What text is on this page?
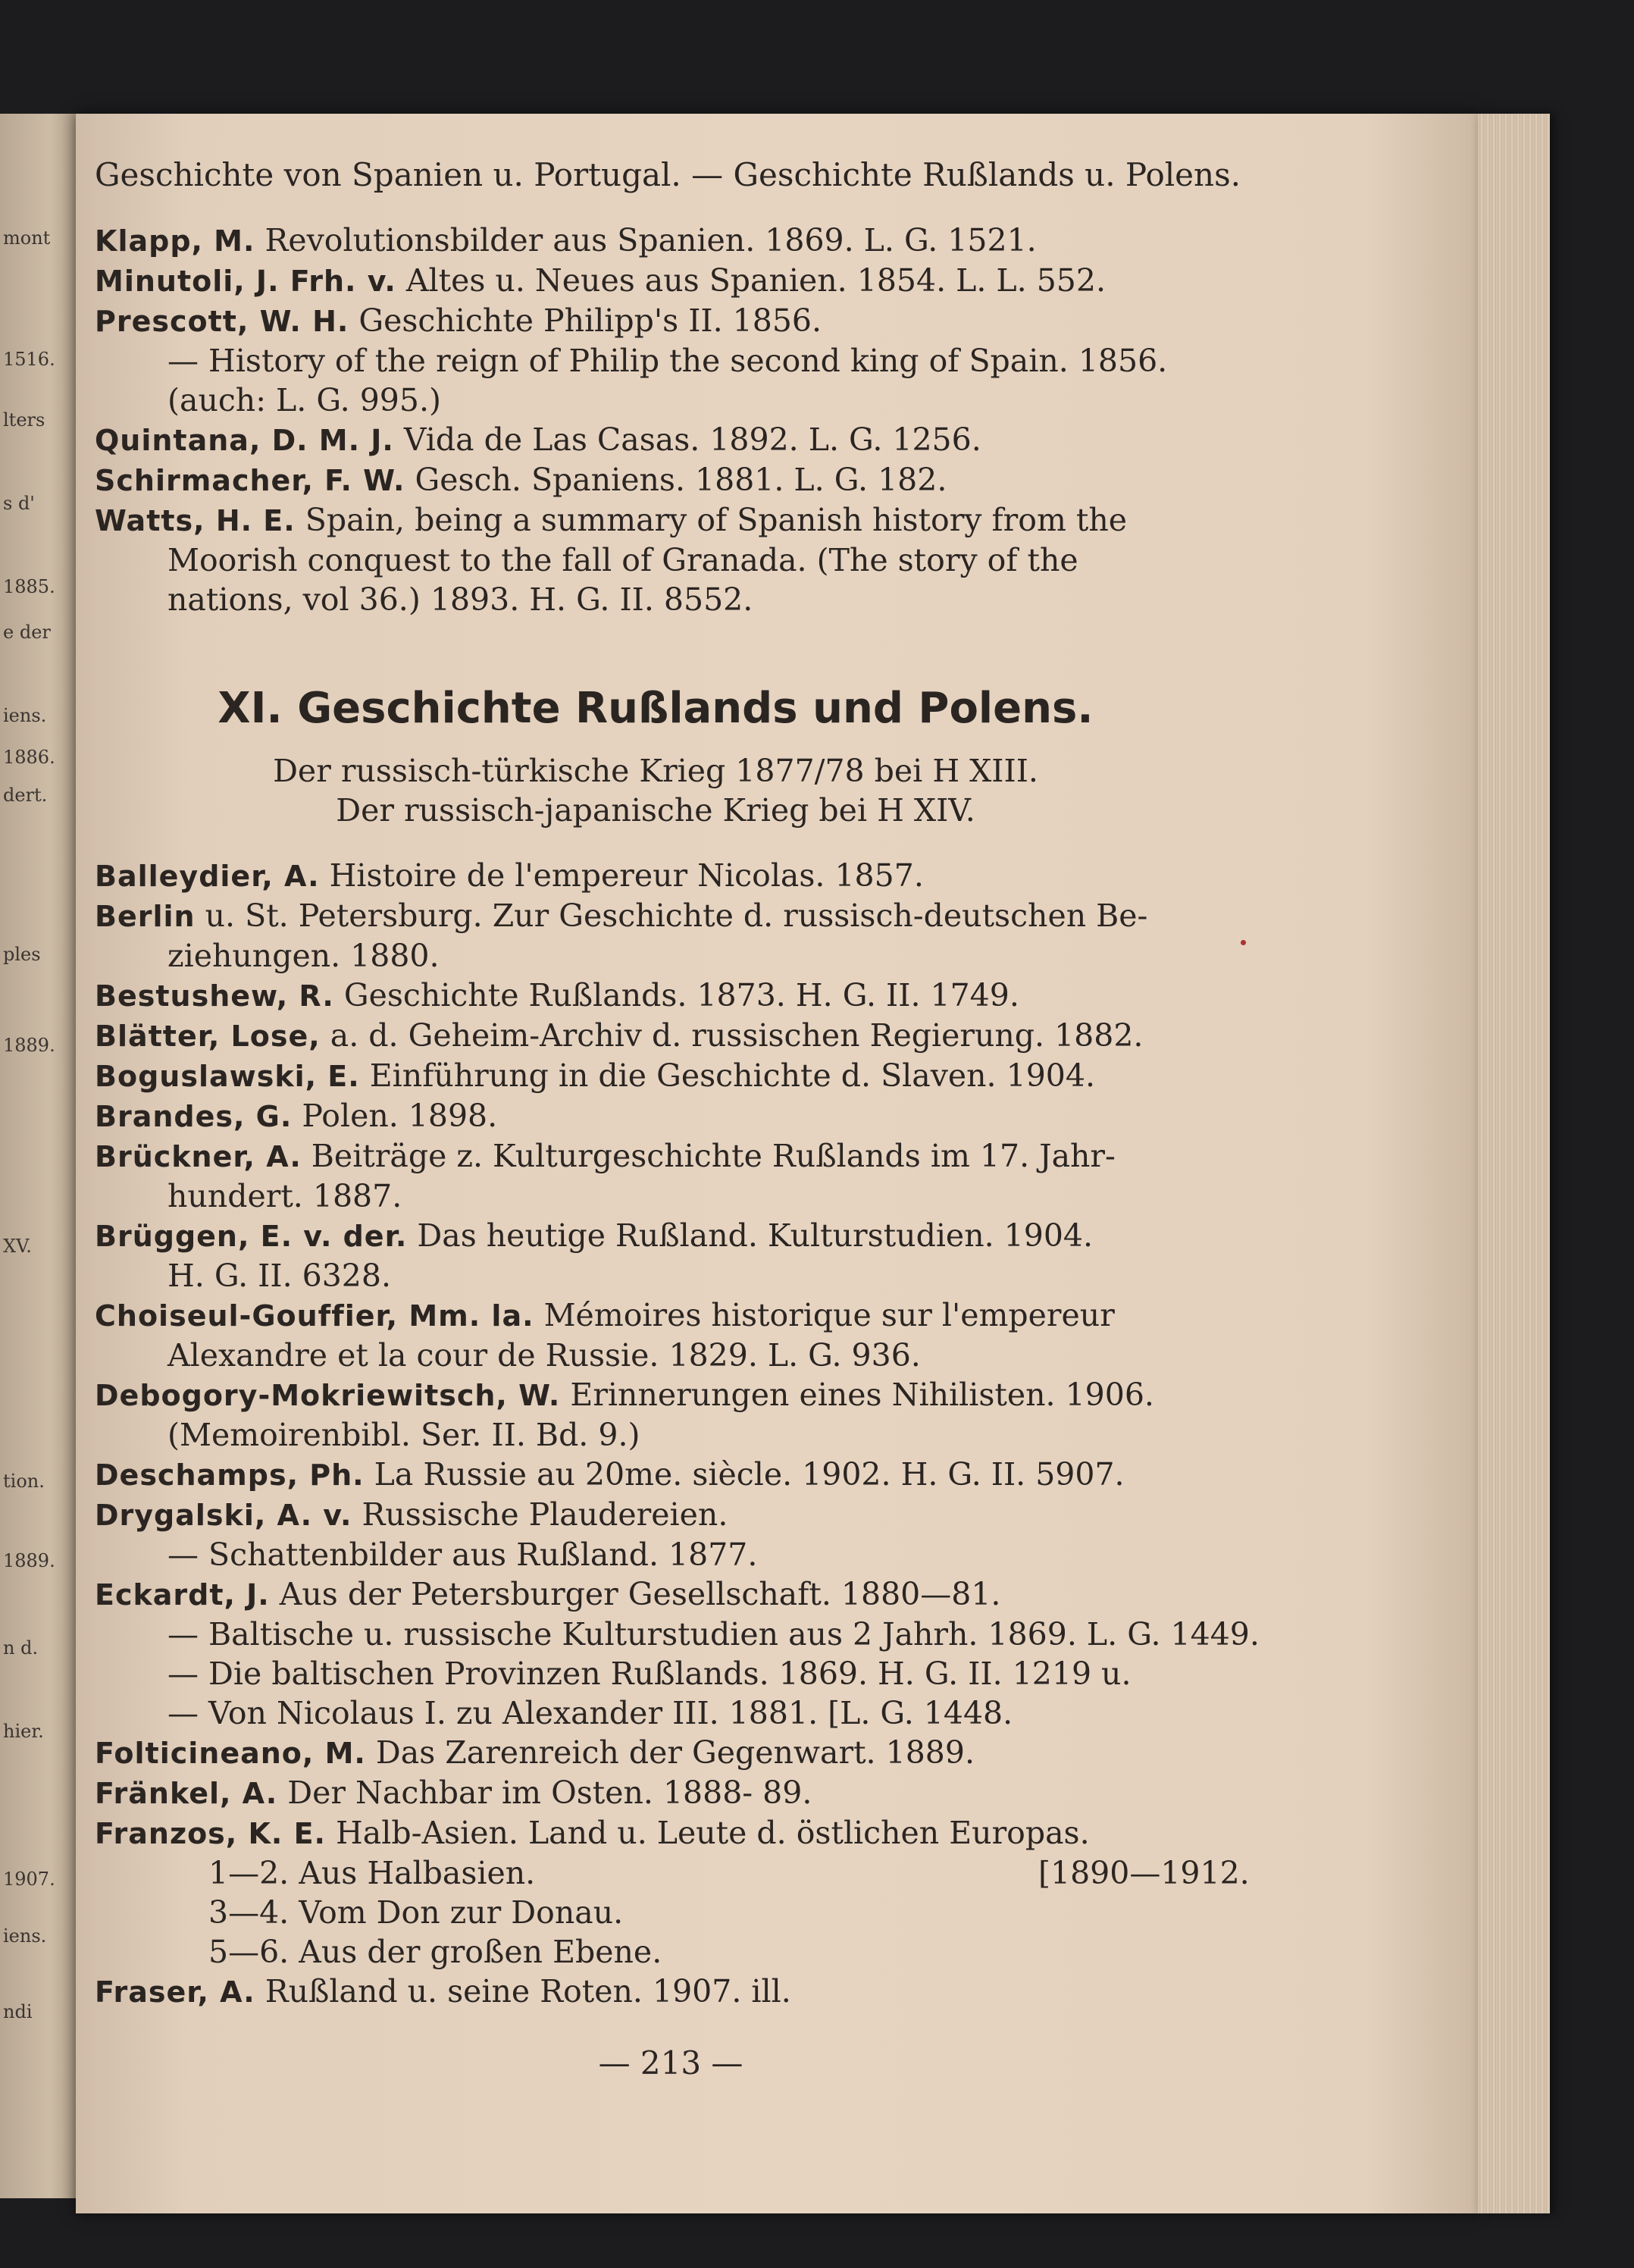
Geschichte von Spanien u. Portugal. — Geschichte Rußlands u. Polens.
Klapp, M. Revolutionsbilder aus Spanien. 1869. L. G. 1521.
Minutoli, J. Frh. v. Altes u. Neues aus Spanien. 1854. L. L. 552.
Prescott, W. H. Geschichte Philipp's II. 1856.
— History of the reign of Philip the second king of Spain. 1856.
(auch: L. G. 995.)
Quintana, D. M. J. Vida de Las Casas. 1892. L. G. 1256.
Schirmacher, F. W. Gesch. Spaniens. 1881. L. G. 182.
Watts, H. E. Spain, being a summary of Spanish history from the
Moorish conquest to the fall of Granada. (The story of the
nations, vol 36.) 1893. H. G. II. 8552.
XI. Geschichte Rußlands und Polens.
Der russisch-türkische Krieg 1877/78 bei H XIII.
Der russisch-japanische Krieg bei H XIV.
Balleydier, A. Histoire de l'empereur Nicolas. 1857.
Berlin u. St. Petersburg. Zur Geschichte d. russisch-deutschen Be-
ziehungen. 1880.
Bestushew, R. Geschichte Rußlands. 1873. H. G. II. 1749.
Blätter, Lose, a. d. Geheim-Archiv d. russischen Regierung. 1882.
Boguslawski, E. Einführung in die Geschichte d. Slaven. 1904.
Brandes, G. Polen. 1898.
Brückner, A. Beiträge z. Kulturgeschichte Rußlands im 17. Jahr-
hundert. 1887.
Brüggen, E. v. der. Das heutige Rußland. Kulturstudien. 1904.
H. G. II. 6328.
Choiseul-Gouffier, Mm. la. Mémoires historique sur l'empereur
Alexandre et la cour de Russie. 1829. L. G. 936.
Debogory-Mokriewitsch, W. Erinnerungen eines Nihilisten. 1906.
(Memoirenbibl. Ser. II. Bd. 9.)
Deschamps, Ph. La Russie au 20me. siècle. 1902. H. G. II. 5907.
Drygalski, A. v. Russische Plaudereien.
— Schattenbilder aus Rußland. 1877.
Eckardt, J. Aus der Petersburger Gesellschaft. 1880—81.
— Baltische u. russische Kulturstudien aus 2 Jahrh. 1869. L. G. 1449.
— Die baltischen Provinzen Rußlands. 1869. H. G. II. 1219 u.
— Von Nicolaus I. zu Alexander III. 1881. [L. G. 1448.
Folticineano, M. Das Zarenreich der Gegenwart. 1889.
Fränkel, A. Der Nachbar im Osten. 1888- 89.
Franzos, K. E. Halb-Asien. Land u. Leute d. östlichen Europas.
1—2. Aus Halbasien.	[1890—1912.
3—4. Vom Don zur Donau.
5—6. Aus der großen Ebene.
Fraser, A. Rußland u. seine Roten. 1907. ill.
— 213 —
mont
1516.
lters
s d'
1885.
e der
iens.
1886.
dert.
ples
1889.
XV.
tion.
1889.
n d.
hier.
1907.
iens.
ndi
